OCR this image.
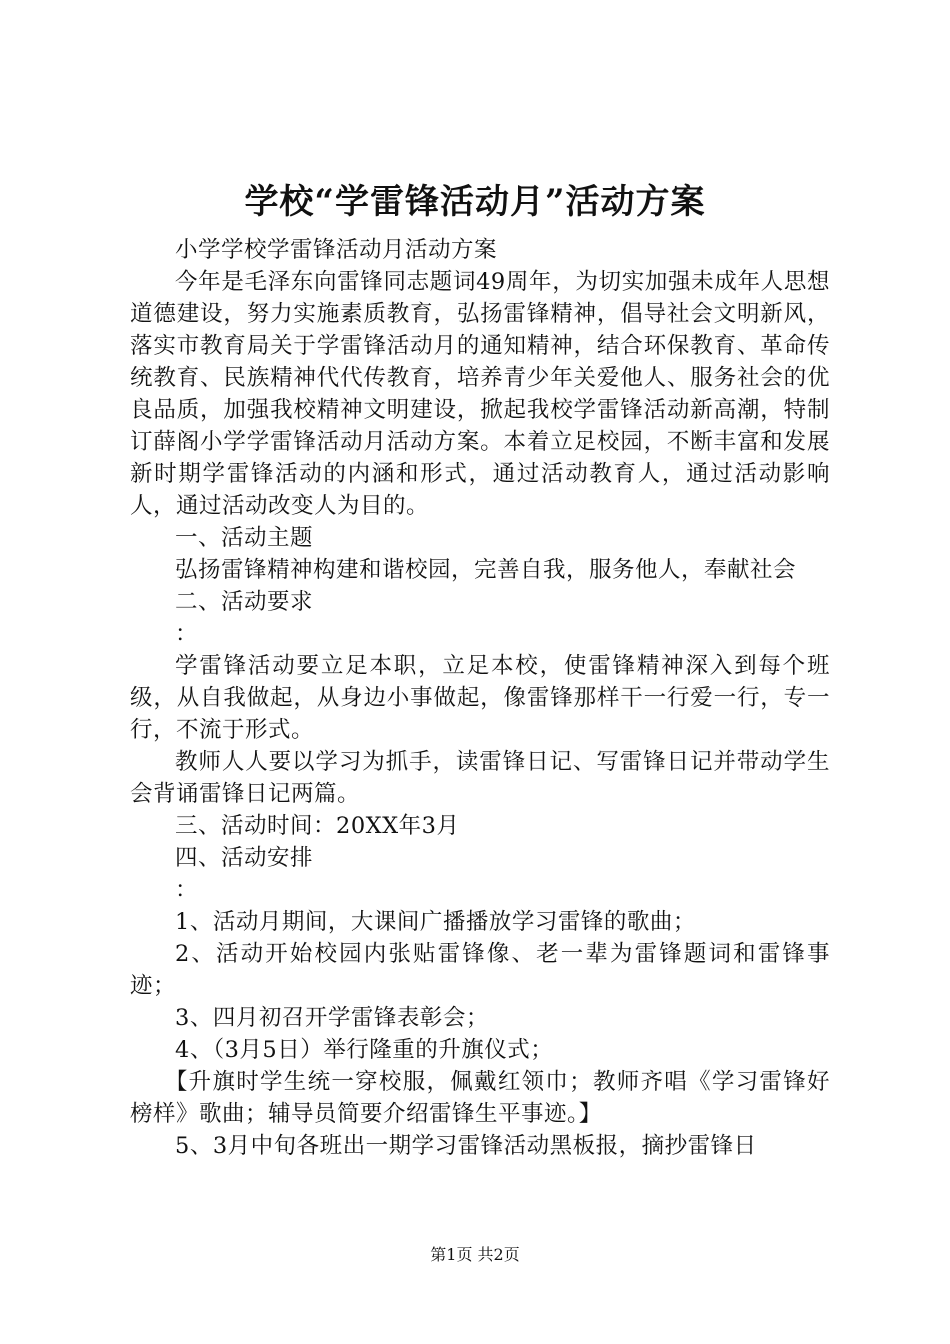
学校“学雷锋活动月”活动方案

小学学校学雷锋活动月活动方案

今年是毛泽东向雷锋同志题词49周年，为切实加强未成年人思想道德建设，努力实施素质教育，弘扬雷锋精神，倡导社会文明新风，落实市教育局关于学雷锋活动月的通知精神，结合环保教育、革命传统教育、民族精神代代传教育，培养青少年关爱他人、服务社会的优良品质，加强我校精神文明建设，掀起我校学雷锋活动新高潮，特制订薛阁小学学雷锋活动月活动方案。本着立足校园，不断丰富和发展新时期学雷锋活动的内涵和形式，通过活动教育人，通过活动影响人，通过活动改变人为目的。

一、活动主题

弘扬雷锋精神构建和谐校园，完善自我，服务他人，奉献社会

二、活动要求

：

学雷锋活动要立足本职，立足本校，使雷锋精神深入到每个班级，从自我做起，从身边小事做起，像雷锋那样干一行爱一行，专一行，不流于形式。

教师人人要以学习为抓手，读雷锋日记、写雷锋日记并带动学生会背诵雷锋日记两篇。

三、活动时间：20XX年3月

四、活动安排

：

1、活动月期间，大课间广播播放学习雷锋的歌曲；

2、活动开始校园内张贴雷锋像、老一辈为雷锋题词和雷锋事迹；

3、四月初召开学雷锋表彰会；

4、（3月5日）举行隆重的升旗仪式；

【升旗时学生统一穿校服，佩戴红领巾；教师齐唱《学习雷锋好榜样》歌曲；辅导员简要介绍雷锋生平事迹。】

5、3月中旬各班出一期学习雷锋活动黑板报，摘抄雷锋日

第1页 共2页
